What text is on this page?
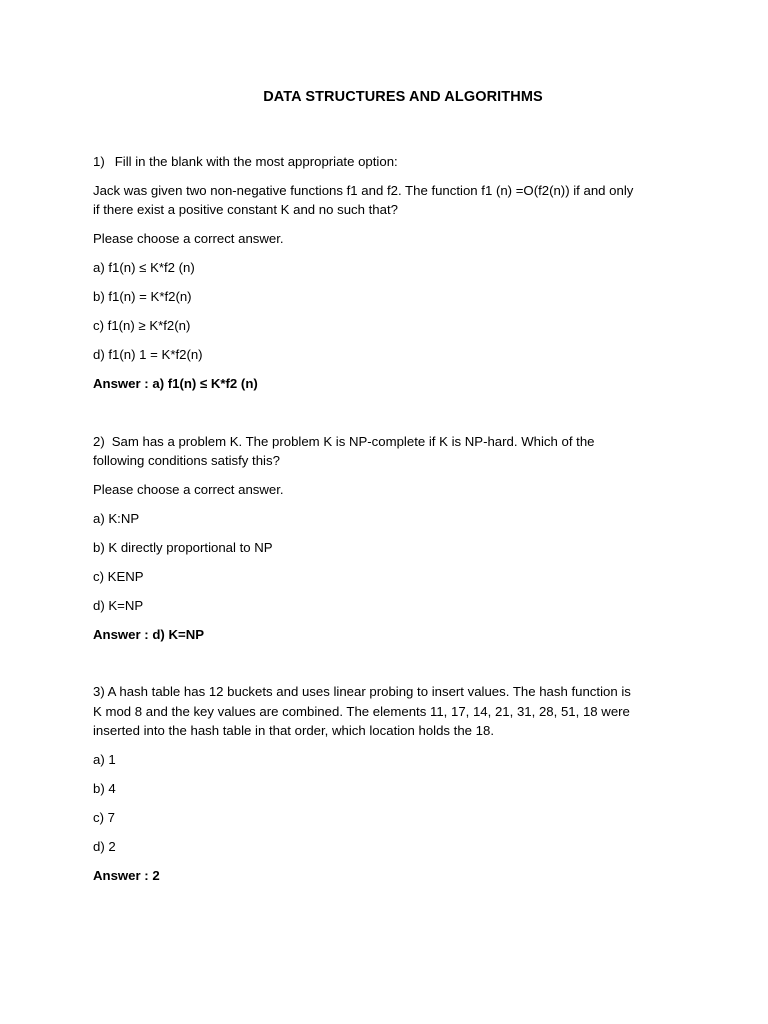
DATA STRUCTURES AND ALGORITHMS
1) Fill in the blank with the most appropriate option:
Jack was given two non-negative functions f1 and f2. The function f1 (n) =O(f2(n)) if and only
if there exist a positive constant K and no such that?
Please choose a correct answer.
a) f1(n) ≤ K*f2 (n)
b) f1(n) = K*f2(n)
c) f1(n) ≥ K*f2(n)
d) f1(n) 1 = K*f2(n)
Answer : a) f1(n) ≤ K*f2 (n)
2) Sam has a problem K. The problem K is NP-complete if K is NP-hard. Which of the
following conditions satisfy this?
Please choose a correct answer.
a) K:NP
b) K directly proportional to NP
c) KENP
d) K=NP
Answer : d) K=NP
3) A hash table has 12 buckets and uses linear probing to insert values. The hash function is
K mod 8 and the key values are combined. The elements 11, 17, 14, 21, 31, 28, 51, 18 were
inserted into the hash table in that order, which location holds the 18.
a) 1
b) 4
c) 7
d) 2
Answer : 2
